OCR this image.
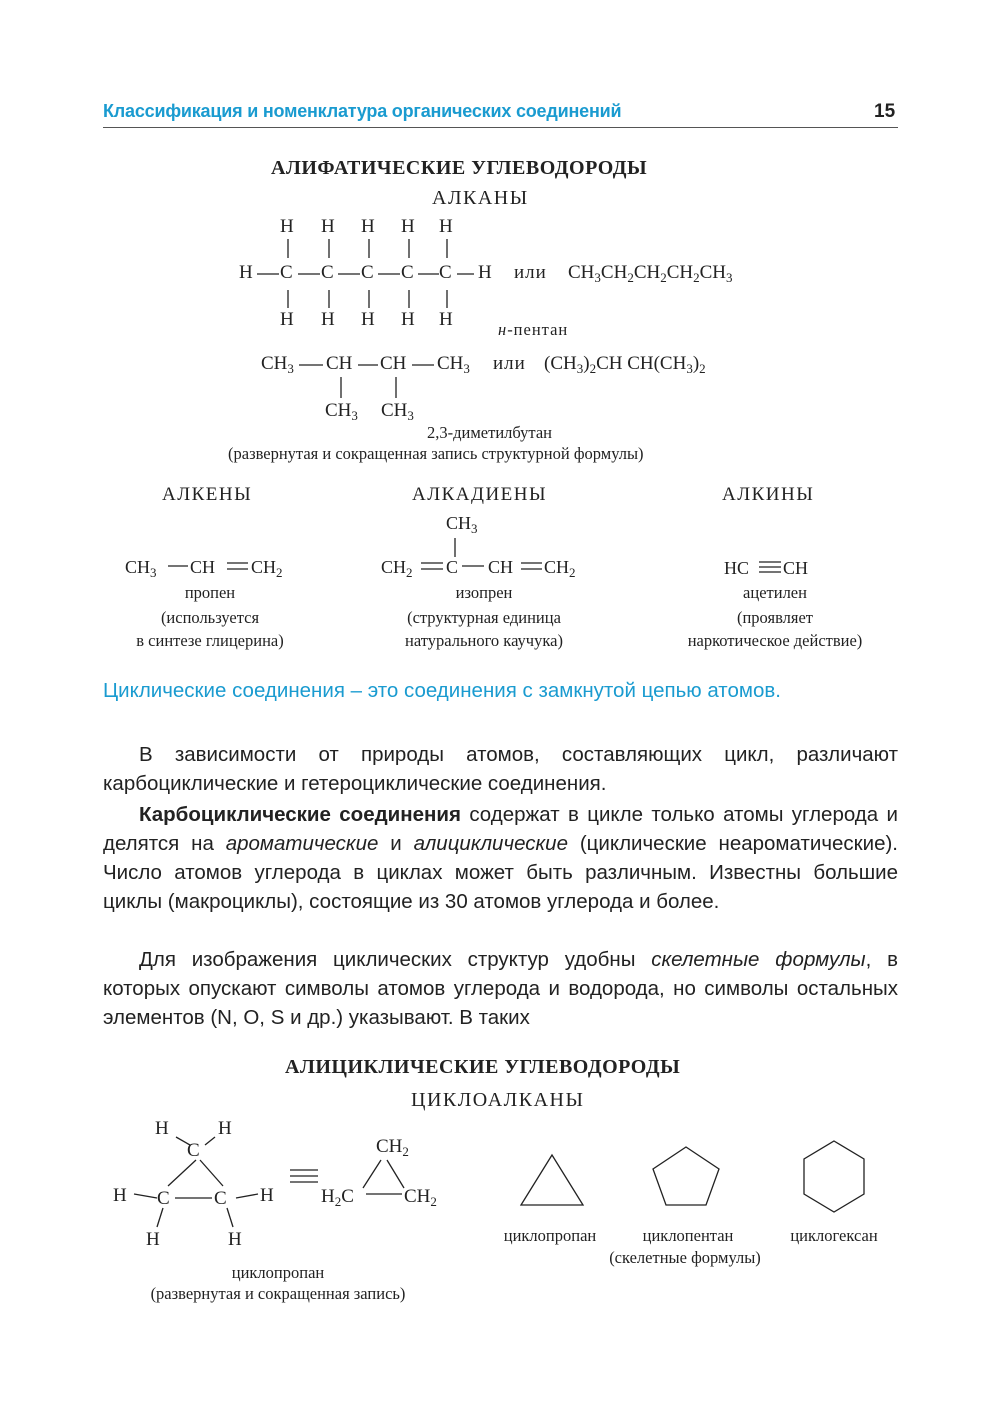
Классификация и номенклатура органических соединений	15
АЛИФАТИЧЕСКИЕ УГЛЕВОДОРОДЫ
АЛКАНЫ
H H H H H
H C C C C C H
H H H H H
или $CH_3CH_2CH_2CH_2CH_3$
н-пентан
$CH_3$ CH CH $CH_3$
$CH_3$ $CH_3$
или $(CH_3)_2CH$ $CH(CH_3)_2$
2,3-диметилбутан
(развернутая и сокращенная запись структурной формулы)
АЛКЕНЫ	АЛКАДИЕНЫ	АЛКИНЫ
$CH_3$ CH $CH_2$
пропен
(используется
в синтезе глицерина)
$CH_3$
$CH_2$ C CH $CH_2$
изопрен
(структурная единица
натурального каучука)
HC CH
ацетилен
(проявляет
наркотическое действие)
Циклические соединения – это соединения с замкнутой цепью атомов.
В зависимости от природы атомов, составляющих цикл, различают карбоциклические и гетероциклические соединения.
Карбоциклические соединения содержат в цикле только атомы углерода и делятся на ароматические и алициклические (циклические неароматические). Число атомов углерода в циклах может быть различным. Известны большие циклы (макроциклы), состоящие из 30 атомов углерода и более.
Для изображения циклических структур удобны скелетные формулы, в которых опускают символы атомов углерода и водорода, но символы остальных элементов (N, O, S и др.) указывают. В таких
АЛИЦИКЛИЧЕСКИЕ УГЛЕВОДОРОДЫ
ЦИКЛОАЛКАНЫ
H	H
C
H C C H
H	H
$CH_2$
$H_2C$	$CH_2$
циклопропан
(развернутая и сокращенная запись)
циклопропан	циклопентан	циклогексан
(скелетные формулы)
